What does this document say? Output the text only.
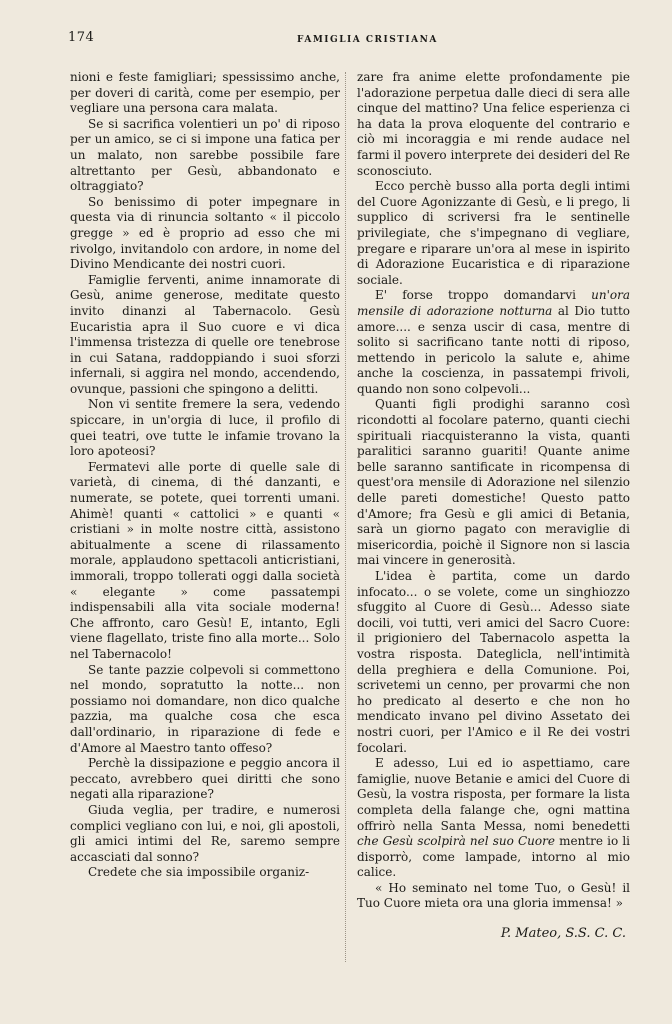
174	FAMIGLIA CRISTIANA

nioni e feste famigliari; spessissimo anche, per doveri di carità, come per esempio, per vegliare una persona cara malata.

Se si sacrifica volentieri un po' di riposo per un amico, se ci si impone una fatica per un malato, non sarebbe possibile fare altrettanto per Gesù, abbandonato e oltraggiato?

So benissimo di poter impegnare in questa via di rinuncia soltanto « il piccolo gregge » ed è proprio ad esso che mi rivolgo, invitandolo con ardore, in nome del Divino Mendicante dei nostri cuori.

Famiglie ferventi, anime innamorate di Gesù, anime generose, meditate questo invito dinanzi al Tabernacolo. Gesù Eucaristia apra il Suo cuore e vi dica l'immensa tristezza di quelle ore tenebrose in cui Satana, raddoppiando i suoi sforzi infernali, si aggira nel mondo, accendendo, ovunque, passioni che spingono a delitti.

Non vi sentite fremere la sera, vedendo spiccare, in un'orgia di luce, il profilo di quei teatri, ove tutte le infamie trovano la loro apoteosi?

Fermatevi alle porte di quelle sale di varietà, di cinema, di thé danzanti, e numerate, se potete, quei torrenti umani. Ahimè! quanti « cattolici » e quanti « cristiani » in molte nostre città, assistono abitualmente a scene di rilassamento morale, applaudono spettacoli anticristiani, immorali, troppo tollerati oggi dalla società « elegante » come passatempi indispensabili alla vita sociale moderna! Che affronto, caro Gesù! E, intanto, Egli viene flagellato, triste fino alla morte... Solo nel Tabernacolo!

Se tante pazzie colpevoli si commettono nel mondo, sopratutto la notte... non possiamo noi domandare, non dico qualche pazzia, ma qualche cosa che esca dall'ordinario, in riparazione di fede e d'Amore al Maestro tanto offeso?

Perchè la dissipazione e peggio ancora il peccato, avrebbero quei diritti che sono negati alla riparazione?

Giuda veglia, per tradire, e numerosi complici vegliano con lui, e noi, gli apostoli, gli amici intimi del Re, saremo sempre accasciati dal sonno?

Credete che sia impossibile organiz-

zare fra anime elette profondamente pie l'adorazione perpetua dalle dieci di sera alle cinque del mattino? Una felice esperienza ci ha data la prova eloquente del contrario e ciò mi incoraggia e mi rende audace nel farmi il povero interprete dei desideri del Re sconosciuto.

Ecco perchè busso alla porta degli intimi del Cuore Agonizzante di Gesù, e li prego, li supplico di scriversi fra le sentinelle privilegiate, che s'impegnano di vegliare, pregare e riparare un'ora al mese in ispirito di Adorazione Eucaristica e di riparazione sociale.

E' forse troppo domandarvi un'ora mensile di adorazione notturna al Dio tutto amore.... e senza uscir di casa, mentre di solito si sacrificano tante notti di riposo, mettendo in pericolo la salute e, ahime anche la coscienza, in passatempi frivoli, quando non sono colpevoli...

Quanti figli prodighi saranno così ricondotti al focolare paterno, quanti ciechi spirituali riacquisteranno la vista, quanti paralitici saranno guariti! Quante anime belle saranno santificate in ricompensa di quest'ora mensile di Adorazione nel silenzio delle pareti domestiche! Questo patto d'Amore; fra Gesù e gli amici di Betania, sarà un giorno pagato con meraviglie di misericordia, poichè il Signore non si lascia mai vincere in generosità.

L'idea è partita, come un dardo infocato... o se volete, come un singhiozzo sfuggito al Cuore di Gesù... Adesso siate docili, voi tutti, veri amici del Sacro Cuore: il prigioniero del Tabernacolo aspetta la vostra risposta. Dateglicla, nell'intimità della preghiera e della Comunione. Poi, scrivetemi un cenno, per provarmi che non ho predicato al deserto e che non ho mendicato invano pel divino Assetato dei nostri cuori, per l'Amico e il Re dei vostri focolari.

E adesso, Lui ed io aspettiamo, care famiglie, nuove Betanie e amici del Cuore di Gesù, la vostra risposta, per formare la lista completa della falange che, ogni mattina offrirò nella Santa Messa, nomi benedetti che Gesù scolpirà nel suo Cuore mentre io li disporrò, come lampade, intorno al mio calice.

« Ho seminato nel tome Tuo, o Gesù! il Tuo Cuore mieta ora una gloria immensa! »

P. Mateo, S.S. C. C.
